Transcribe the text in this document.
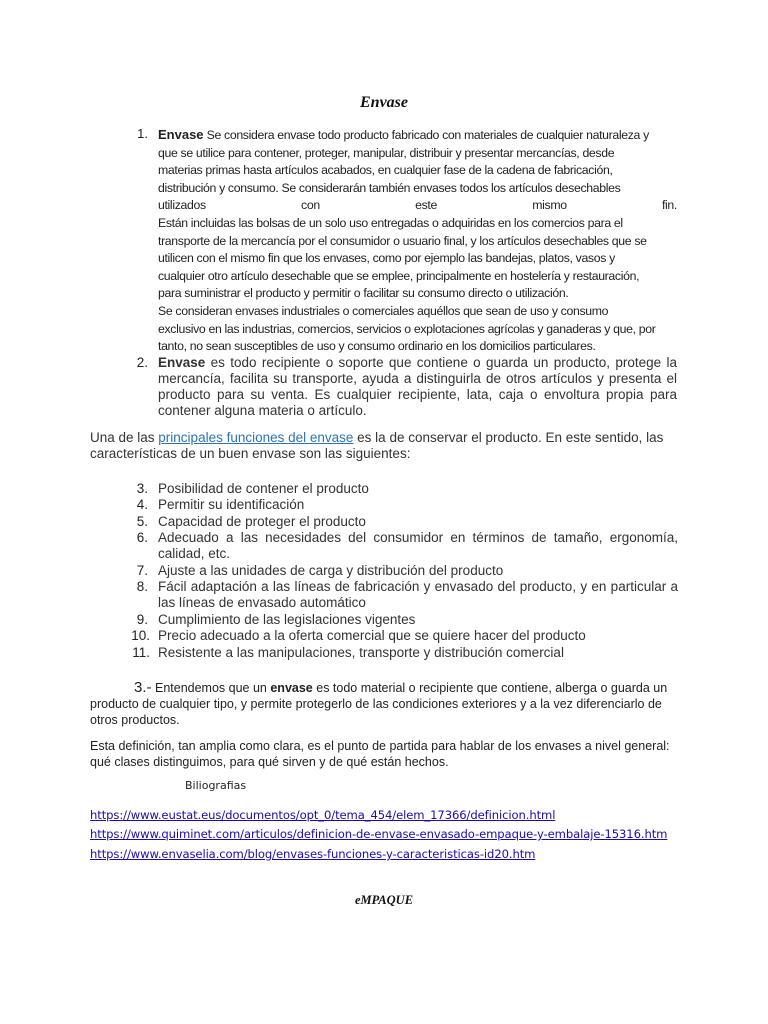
Envase
1. Envase Se considera envase todo producto fabricado con materiales de cualquier naturaleza y

que se utilice para contener, proteger, manipular, distribuir y presentar mercancías, desde

materias primas hasta artículos acabados, en cualquier fase de la cadena de fabricación,

distribución y consumo. Se considerarán también envases todos los artículos desechables

utilizados con este mismo fin.

Están incluidas las bolsas de un solo uso entregadas o adquiridas en los comercios para el

transporte de la mercancía por el consumidor o usuario final, y los artículos desechables que se

utilicen con el mismo fin que los envases, como por ejemplo las bandejas, platos, vasos y

cualquier otro artículo desechable que se emplee, principalmente en hostelería y restauración,

para suministrar el producto y permitir o facilitar su consumo directo o utilización.

Se consideran envases industriales o comerciales aquéllos que sean de uso y consumo

exclusivo en las industrias, comercios, servicios o explotaciones agrícolas y ganaderas y que, por

tanto, no sean susceptibles de uso y consumo ordinario en los domicilios particulares.

2. Envase es todo recipiente o soporte que contiene o guarda un producto, protege la mercancía, facilita su transporte, ayuda a distinguirla de otros artículos y presenta el producto para su venta. Es cualquier recipiente, lata, caja o envoltura propia para contener alguna materia o artículo.
Una de las principales funciones del envase es la de conservar el producto. En este sentido, las características de un buen envase son las siguientes:
3. Posibilidad de contener el producto
4. Permitir su identificación
5. Capacidad de proteger el producto
6. Adecuado a las necesidades del consumidor en términos de tamaño, ergonomía, calidad, etc.
7. Ajuste a las unidades de carga y distribución del producto
8. Fácil adaptación a las líneas de fabricación y envasado del producto, y en particular a las líneas de envasado automático
9. Cumplimiento de las legislaciones vigentes
10. Precio adecuado a la oferta comercial que se quiere hacer del producto
11. Resistente a las manipulaciones, transporte y distribución comercial
3.- Entendemos que un envase es todo material o recipiente que contiene, alberga o guarda un producto de cualquier tipo, y permite protegerlo de las condiciones exteriores y a la vez diferenciarlo de otros productos.
Esta definición, tan amplia como clara, es el punto de partida para hablar de los envases a nivel general: qué clases distinguimos, para qué sirven y de qué están hechos.
Biliografias
https://www.eustat.eus/documentos/opt_0/tema_454/elem_17366/definicion.html
https://www.quiminet.com/articulos/definicion-de-envase-envasado-empaque-y-embalaje-15316.htm
https://www.envaselia.com/blog/envases-funciones-y-caracteristicas-id20.htm
eMPAQUE
